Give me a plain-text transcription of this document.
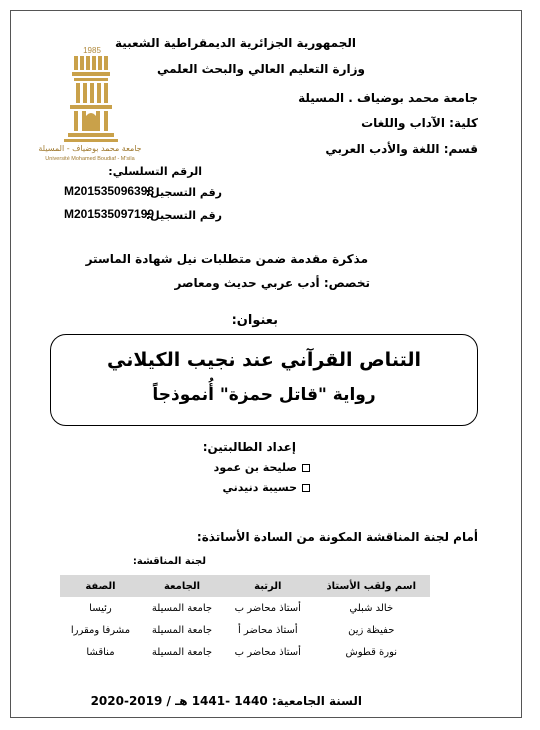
الجمهورية الجزائرية الديمقراطية الشعبية
وزارة التعليم العالي والبحث العلمي
جامعة محمد بوضياف . المسيلة
كلية: الآداب واللغات
قسم: اللغة والأدب العربي
1985
جامعة محمد بوضياف - المسيلة
Université Mohamed Boudiaf - M'sila
الرقم التسلسلي:
رقم التسجيل:
M201535096398
رقم التسجيل:
M201535097199
مذكرة مقدمة ضمن متطلبات نيل شهادة الماستر
تخصص: أدب عربي حديث ومعاصر
بعنوان:
التناص القرآني عند نجيب الكيلاني
رواية "قاتل حمزة" أُنموذجاً
إعداد الطالبتين:
صليحة بن عمود
حسيبة دنيدني
أمام لجنة المناقشة المكونة من السادة الأساتذة:
لجنة المناقشة:
اسم ولقب الأستاذ	الرتبة	الجامعة	الصفة
خالد شبلي	أستاذ محاضر ب	جامعة المسيلة	رئيسا
حفيظة زين	أستاذ محاضر أ	جامعة المسيلة	مشرفا ومقررا
نورة قطوش	أستاذ محاضر ب	جامعة المسيلة	مناقشا
السنة الجامعية: 1440 -1441 هـ / 2019-2020
